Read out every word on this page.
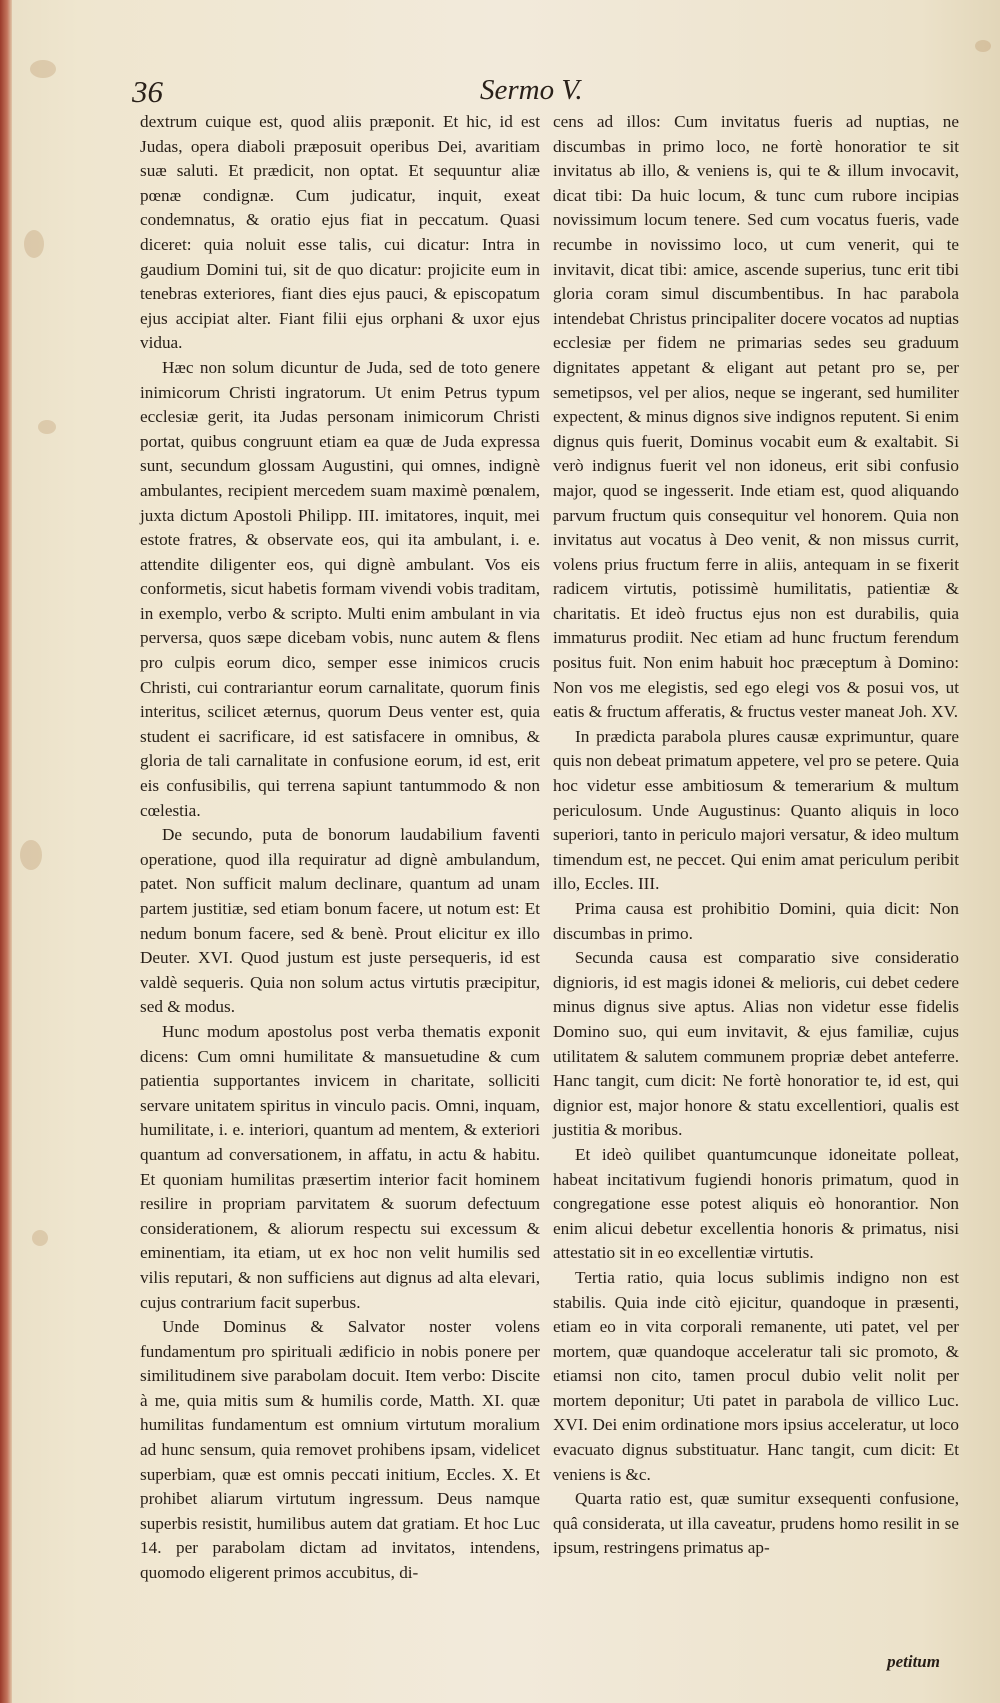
36	Sermo V.

dextrum cuique est, quod aliis præponit. Et hic, id est Judas, opera diaboli præposuit operibus Dei, avaritiam suæ saluti. Et prædicit, non optat. Et sequuntur aliæ pœnæ condignæ. Cum judicatur, inquit, exeat condemnatus, & oratio ejus fiat in peccatum. Quasi diceret: quia noluit esse talis, cui dicatur: Intra in gaudium Domini tui, sit de quo dicatur: projicite eum in tenebras exteriores, fiant dies ejus pauci, & episcopatum ejus accipiat alter. Fiant filii ejus orphani & uxor ejus vidua.

Hæc non solum dicuntur de Juda, sed de toto genere inimicorum Christi ingratorum. Ut enim Petrus typum ecclesiæ gerit, ita Judas personam inimicorum Christi portat, quibus congruunt etiam ea quæ de Juda expressa sunt, secundum glossam Augustini, qui omnes, indignè ambulantes, recipient mercedem suam maximè pœnalem, juxta dictum Apostoli Philipp. III. imitatores, inquit, mei estote fratres, & observate eos, qui ita ambulant, i. e. attendite diligenter eos, qui dignè ambulant. Vos eis conformetis, sicut habetis formam vivendi vobis traditam, in exemplo, verbo & scripto. Multi enim ambulant in via perversa, quos sæpe dicebam vobis, nunc autem & flens pro culpis eorum dico, semper esse inimicos crucis Christi, cui contrariantur eorum carnalitate, quorum finis interitus, scilicet æternus, quorum Deus venter est, quia student ei sacrificare, id est satisfacere in omnibus, & gloria de tali carnalitate in confusione eorum, id est, erit eis confusibilis, qui terrena sapiunt tantummodo & non cœlestia.

De secundo, puta de bonorum laudabilium faventi operatione, quod illa requiratur ad dignè ambulandum, patet. Non sufficit malum declinare, quantum ad unam partem justitiæ, sed etiam bonum facere, ut notum est: Et nedum bonum facere, sed & benè. Prout elicitur ex illo Deuter. XVI. Quod justum est juste persequeris, id est valdè sequeris. Quia non solum actus virtutis præcipitur, sed & modus.

Hunc modum apostolus post verba thematis exponit dicens: Cum omni humilitate & mansuetudine & cum patientia supportantes invicem in charitate, solliciti servare unitatem spiritus in vinculo pacis. Omni, inquam, humilitate, i. e. interiori, quantum ad mentem, & exteriori quantum ad conversationem, in affatu, in actu & habitu. Et quoniam humilitas præsertim interior facit hominem resilire in propriam parvitatem & suorum defectuum considerationem, & aliorum respectu sui excessum & eminentiam, ita etiam, ut ex hoc non velit humilis sed vilis reputari, & non sufficiens aut dignus ad alta elevari, cujus contrarium facit superbus.

Unde Dominus & Salvator noster volens fundamentum pro spirituali ædificio in nobis ponere per similitudinem sive parabolam docuit. Item verbo: Discite à me, quia mitis sum & humilis corde, Matth. XI. quæ humilitas fundamentum est omnium virtutum moralium ad hunc sensum, quia removet prohibens ipsam, videlicet superbiam, quæ est omnis peccati initium, Eccles. X. Et prohibet aliarum virtutum ingressum. Deus namque superbis resistit, humilibus autem dat gratiam. Et hoc Luc 14. per parabolam dictam ad invitatos, intendens, quomodo eligerent primos accubitus, di-

cens ad illos: Cum invitatus fueris ad nuptias, ne discumbas in primo loco, ne fortè honoratior te sit invitatus ab illo, & veniens is, qui te & illum invocavit, dicat tibi: Da huic locum, & tunc cum rubore incipias novissimum locum tenere. Sed cum vocatus fueris, vade recumbe in novissimo loco, ut cum venerit, qui te invitavit, dicat tibi: amice, ascende superius, tunc erit tibi gloria coram simul discumbentibus. In hac parabola intendebat Christus principaliter docere vocatos ad nuptias ecclesiæ per fidem ne primarias sedes seu graduum dignitates appetant & eligant aut petant pro se, per semetipsos, vel per alios, neque se ingerant, sed humiliter expectent, & minus dignos sive indignos reputent. Si enim dignus quis fuerit, Dominus vocabit eum & exaltabit. Si verò indignus fuerit vel non idoneus, erit sibi confusio major, quod se ingesserit. Inde etiam est, quod aliquando parvum fructum quis consequitur vel honorem. Quia non invitatus aut vocatus à Deo venit, & non missus currit, volens prius fructum ferre in aliis, antequam in se fixerit radicem virtutis, potissimè humilitatis, patientiæ & charitatis. Et ideò fructus ejus non est durabilis, quia immaturus prodiit. Nec etiam ad hunc fructum ferendum positus fuit. Non enim habuit hoc præceptum à Domino: Non vos me elegistis, sed ego elegi vos & posui vos, ut eatis & fructum afferatis, & fructus vester maneat Joh. XV.

In prædicta parabola plures causæ exprimuntur, quare quis non debeat primatum appetere, vel pro se petere. Quia hoc videtur esse ambitiosum & temerarium & multum periculosum. Unde Augustinus: Quanto aliquis in loco superiori, tanto in periculo majori versatur, & ideo multum timendum est, ne peccet. Qui enim amat periculum peribit illo, Eccles. III.

Prima causa est prohibitio Domini, quia dicit: Non discumbas in primo.

Secunda causa est comparatio sive consideratio dignioris, id est magis idonei & melioris, cui debet cedere minus dignus sive aptus. Alias non videtur esse fidelis Domino suo, qui eum invitavit, & ejus familiæ, cujus utilitatem & salutem communem propriæ debet anteferre. Hanc tangit, cum dicit: Ne fortè honoratior te, id est, qui dignior est, major honore & statu excellentiori, qualis est justitia & moribus.

Et ideò quilibet quantumcunque idoneitate polleat, habeat incitativum fugiendi honoris primatum, quod in congregatione esse potest aliquis eò honorantior. Non enim alicui debetur excellentia honoris & primatus, nisi attestatio sit in eo excellentiæ virtutis.

Tertia ratio, quia locus sublimis indigno non est stabilis. Quia inde citò ejicitur, quandoque in præsenti, etiam eo in vita corporali remanente, uti patet, vel per mortem, quæ quandoque acceleratur tali sic promoto, & etiamsi non cito, tamen procul dubio velit nolit per mortem deponitur; Uti patet in parabola de villico Luc. XVI. Dei enim ordinatione mors ipsius acceleratur, ut loco evacuato dignus substituatur. Hanc tangit, cum dicit: Et veniens is &c.

Quarta ratio est, quæ sumitur exsequenti confusione, quâ considerata, ut illa caveatur, prudens homo resilit in se ipsum, restringens primatus ap-

petitum
